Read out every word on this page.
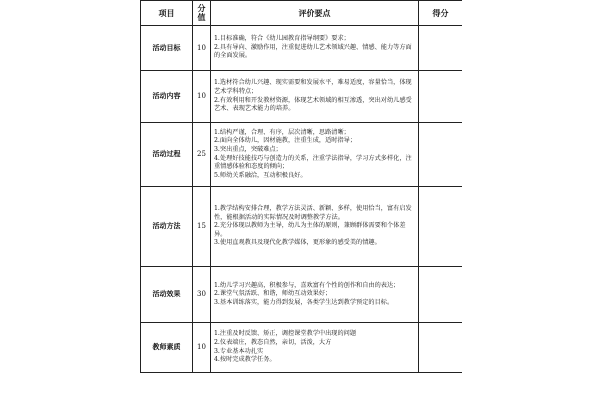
项目	分值	评价要点	得分
活动目标	10	1.目标准确，符合《幼儿园教育指导纲要》要求；
2.具有导向、激励作用，注重促进幼儿艺术领域兴趣、情感、能力等方面的全面发展。	

活动内容	10	1.选材符合幼儿兴趣、现实需要和发展水平，难易适度，容量恰当，体现艺术学科特点；
2.有效利用和开发教材资源，体现艺术领域的相互渗透，突出对幼儿感受艺术、表现艺术能力的培养。	

活动过程	25	1.结构严谨，合理、有序，层次清晰，思路清晰；
2.面向全体幼儿，因材施教，注重生成，适时指导；
3.突出重点，突破难点；
4.处理好技能技巧与创造力的关系，注重学法指导，学习方式多样化，注重情感体验和态度的倾向；
5.师幼关系融洽，互动积极良好。	

活动方法	15	1.教学结构安排合理，教学方法灵活、新颖、多样，使用恰当，富有启发性，能根据活动的实际情况及时调整教学方法。
2.充分体现以教师为主导，幼儿为主体的原则，兼顾群体需要和个体差异。
3.使用直观教具及现代化教学媒体，更形象的感受美的情趣。	

活动效果	30	1.幼儿学习兴趣高，积极参与，喜欢富有个性的创作和自由的表达；
2.课堂气氛活跃、和谐，师幼互动效果好；
3.基本训练落实，能力得到发展，各类学生达到教学预定的目标。	

教师素质	10	1.注重及时反馈、矫正，调控课堂教学中出现的问题
2.仪表端庄，教态自然，亲切，活泼，大方
3.专业基本功扎实
4.按时完成教学任务。	
